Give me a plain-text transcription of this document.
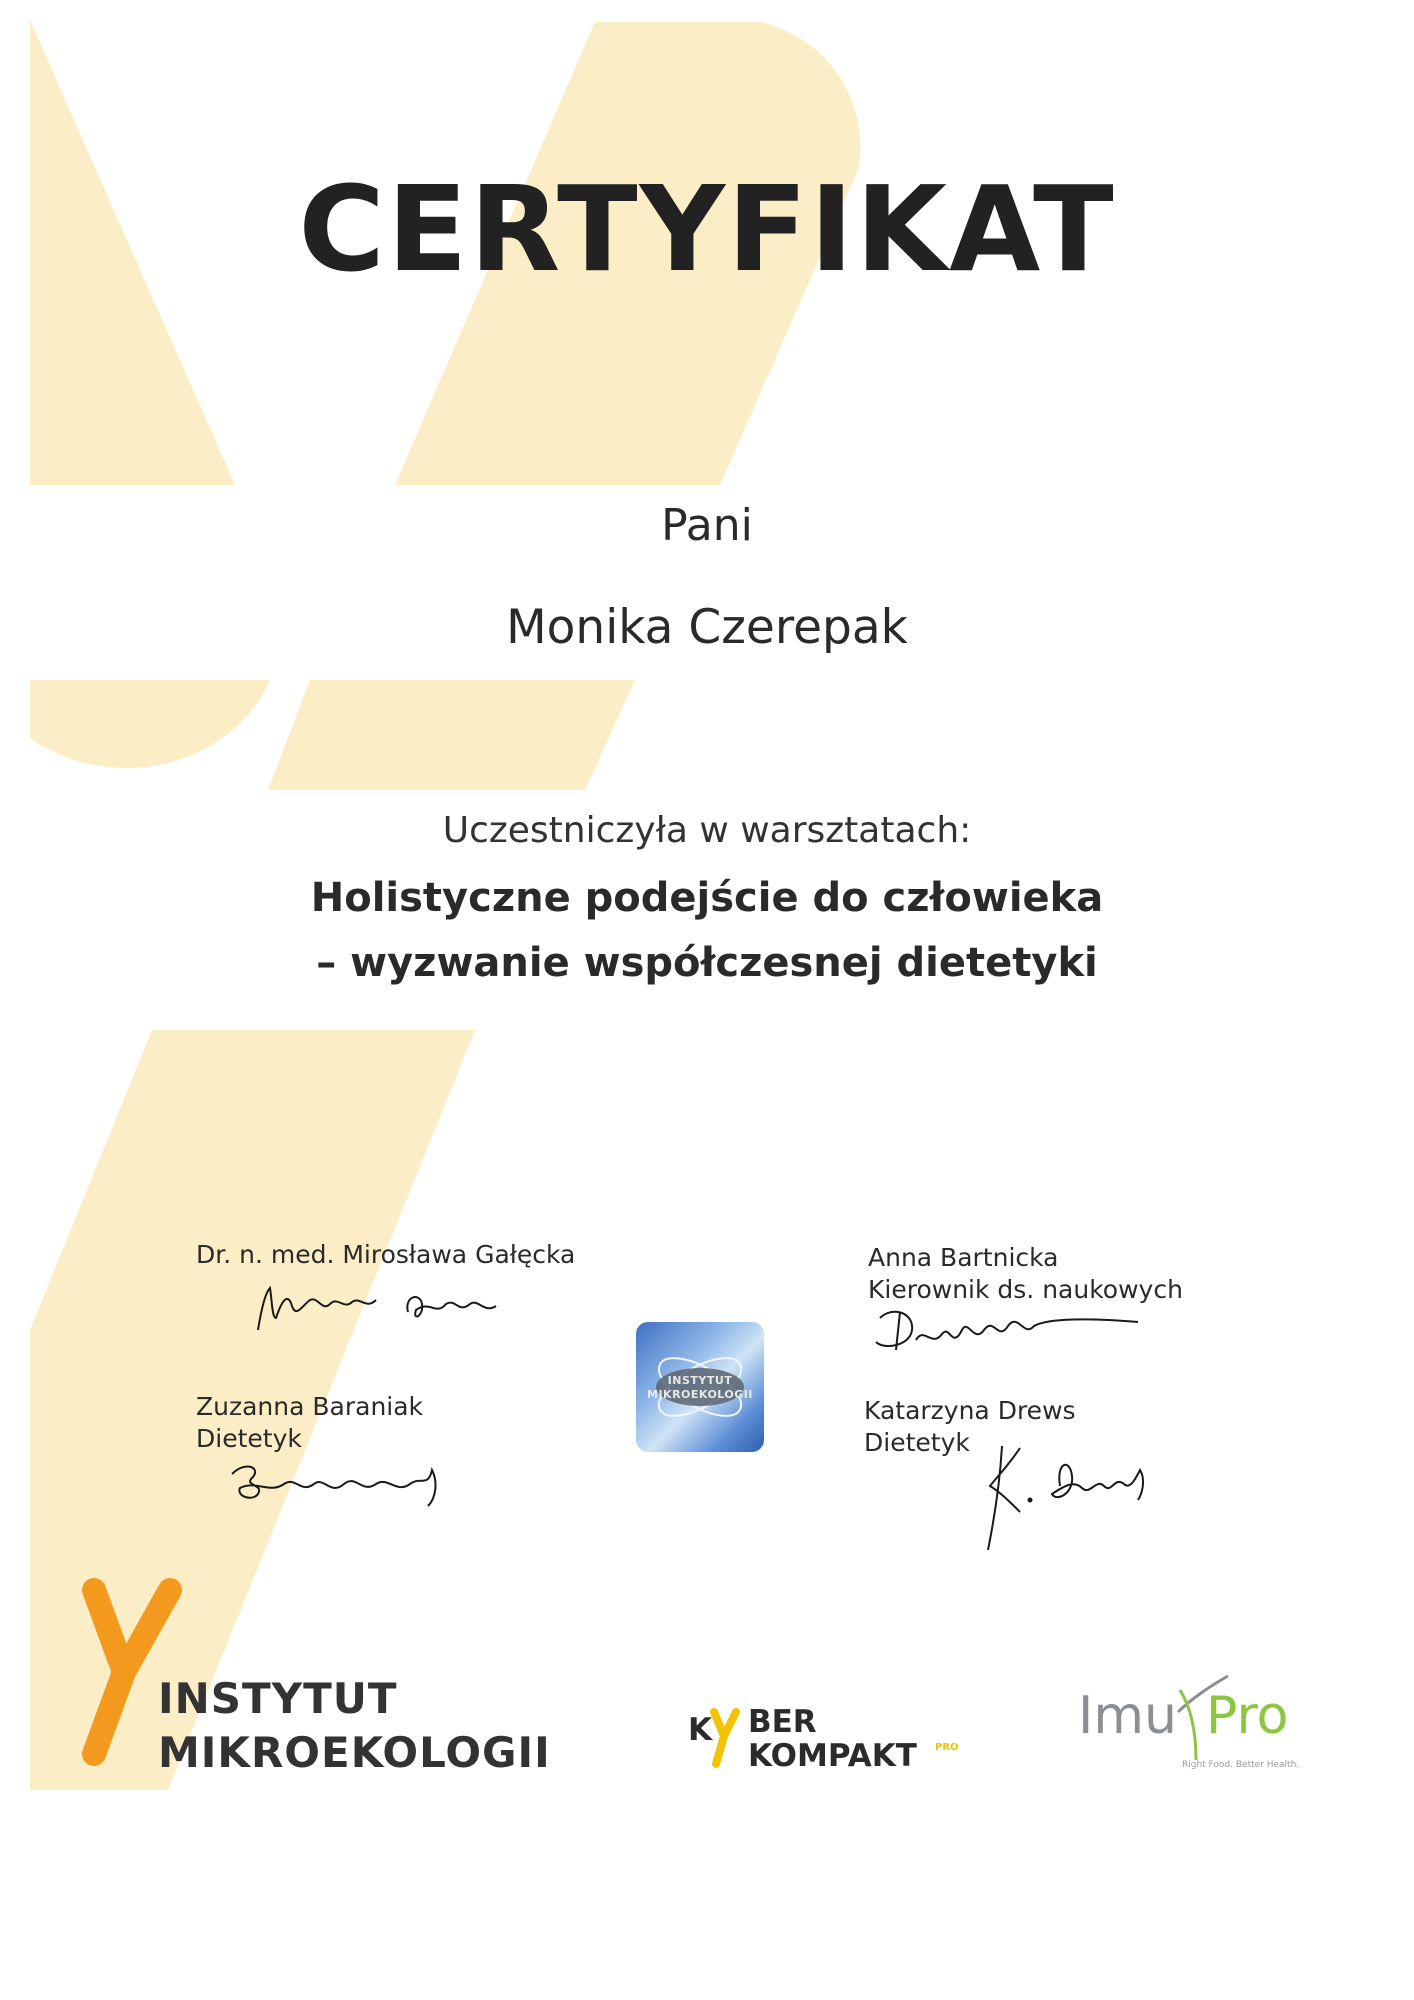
CERTYFIKAT
Pani
Monika Czerepak
Uczestniczyła w warsztatach:
Holistyczne podejście do człowieka
– wyzwanie współczesnej dietetyki
Dr. n. med. Mirosława Gałęcka	Anna Bartnicka
Kierownik ds. naukowych
Zuzanna Baraniak
Dietetyk
Katarzyna Drews
Dietetyk
INSTYTUT
MIKROEKOLOGII
INSTYTUT
MIKROEKOLOGII	K BER
KOMPAKT PRO
Imu Pro
Right Food. Better Health.
